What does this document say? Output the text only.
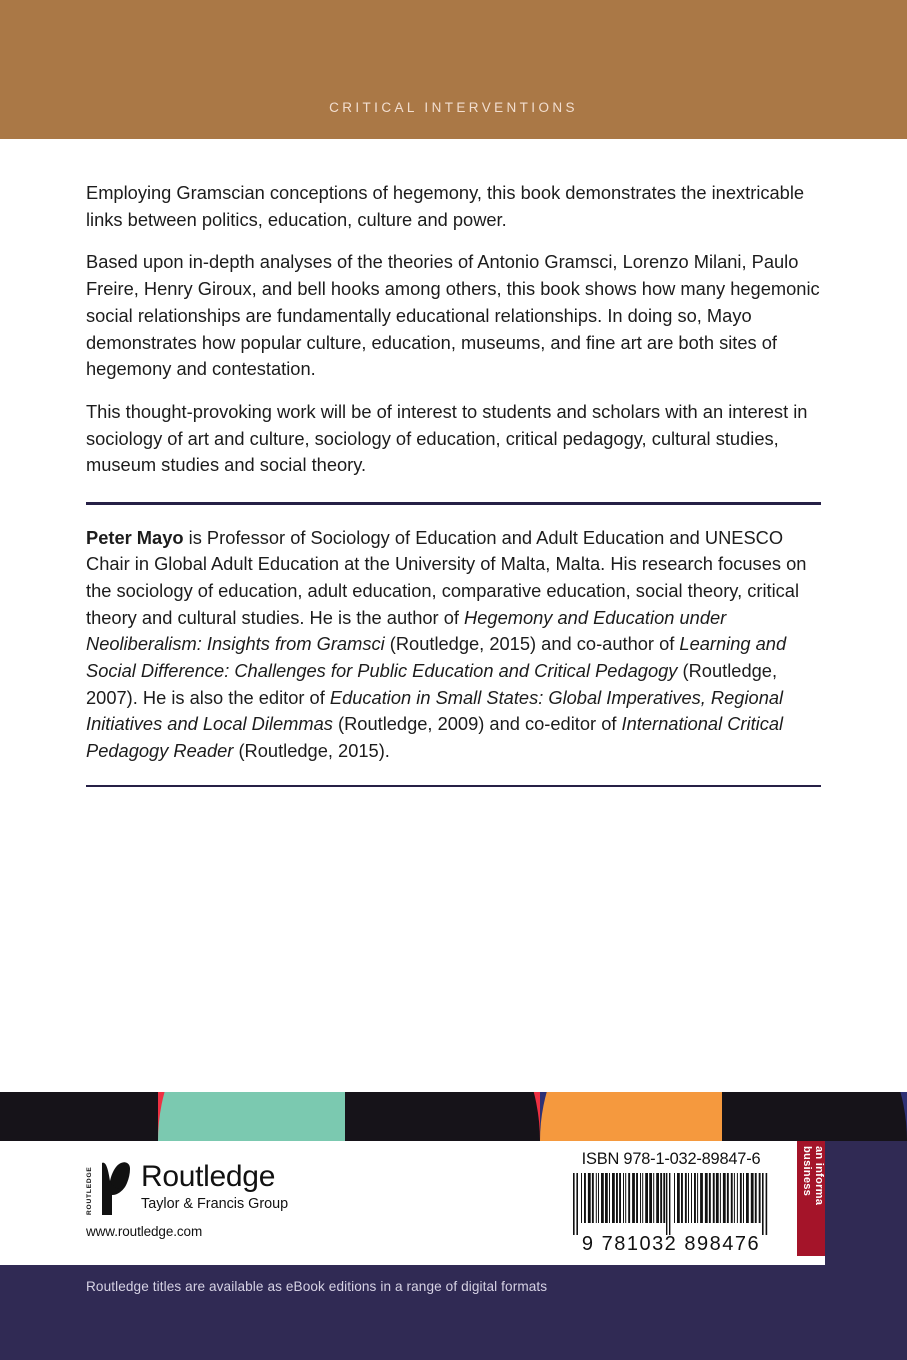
CRITICAL INTERVENTIONS

Employing Gramscian conceptions of hegemony, this book demonstrates the inextricable links between politics, education, culture and power.

Based upon in-depth analyses of the theories of Antonio Gramsci, Lorenzo Milani, Paulo Freire, Henry Giroux, and bell hooks among others, this book shows how many hegemonic social relationships are fundamentally educational relationships. In doing so, Mayo demonstrates how popular culture, education, museums, and fine art are both sites of hegemony and contestation.

This thought-provoking work will be of interest to students and scholars with an interest in sociology of art and culture, sociology of education, critical pedagogy, cultural studies, museum studies and social theory.

Peter Mayo is Professor of Sociology of Education and Adult Education and UNESCO Chair in Global Adult Education at the University of Malta, Malta. His research focuses on the sociology of education, adult education, comparative education, social theory, critical theory and cultural studies. He is the author of Hegemony and Education under Neoliberalism: Insights from Gramsci (Routledge, 2015) and co-author of Learning and Social Difference: Challenges for Public Education and Critical Pedagogy (Routledge, 2007). He is also the editor of Education in Small States: Global Imperatives, Regional Initiatives and Local Dilemmas (Routledge, 2009) and co-editor of International Critical Pedagogy Reader (Routledge, 2015).

ROUTLEDGE Routledge
Taylor & Francis Group
www.routledge.com
ISBN 978-1-032-89847-6
9 781032 898476
an informa business
Routledge titles are available as eBook editions in a range of digital formats
